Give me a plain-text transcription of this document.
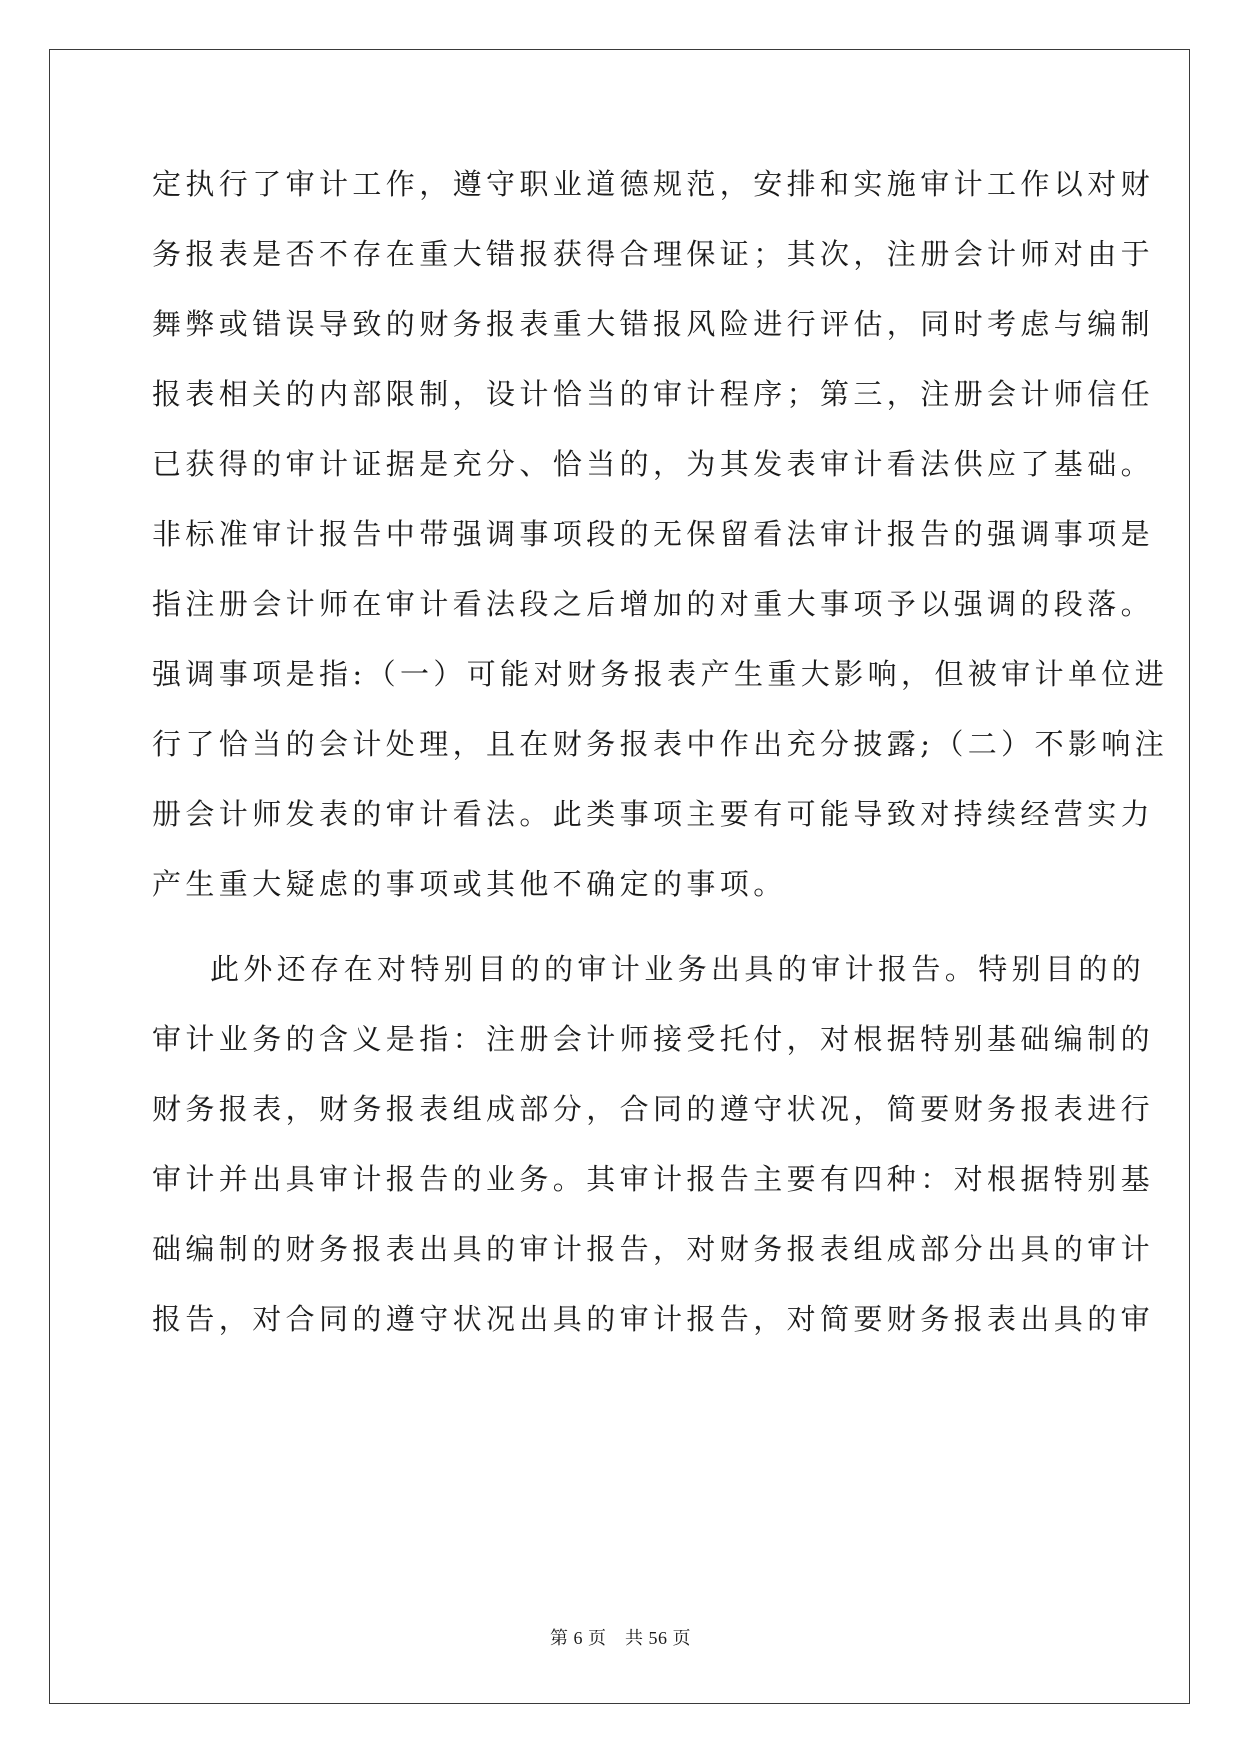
定执行了审计工作，遵守职业道德规范，安排和实施审计工作以对财
务报表是否不存在重大错报获得合理保证；其次，注册会计师对由于
舞弊或错误导致的财务报表重大错报风险进行评估，同时考虑与编制
报表相关的内部限制，设计恰当的审计程序；第三，注册会计师信任
已获得的审计证据是充分、恰当的，为其发表审计看法供应了基础。
非标准审计报告中带强调事项段的无保留看法审计报告的强调事项是
指注册会计师在审计看法段之后增加的对重大事项予以强调的段落。
强调事项是指:（一）可能对财务报表产生重大影响，但被审计单位进
行了恰当的会计处理，且在财务报表中作出充分披露;（二）不影响注
册会计师发表的审计看法。此类事项主要有可能导致对持续经营实力
产生重大疑虑的事项或其他不确定的事项。
此外还存在对特别目的的审计业务出具的审计报告。特别目的的
审计业务的含义是指：注册会计师接受托付，对根据特别基础编制的
财务报表，财务报表组成部分，合同的遵守状况，简要财务报表进行
审计并出具审计报告的业务。其审计报告主要有四种：对根据特别基
础编制的财务报表出具的审计报告，对财务报表组成部分出具的审计
报告，对合同的遵守状况出具的审计报告，对简要财务报表出具的审
第 6 页　共 56 页
